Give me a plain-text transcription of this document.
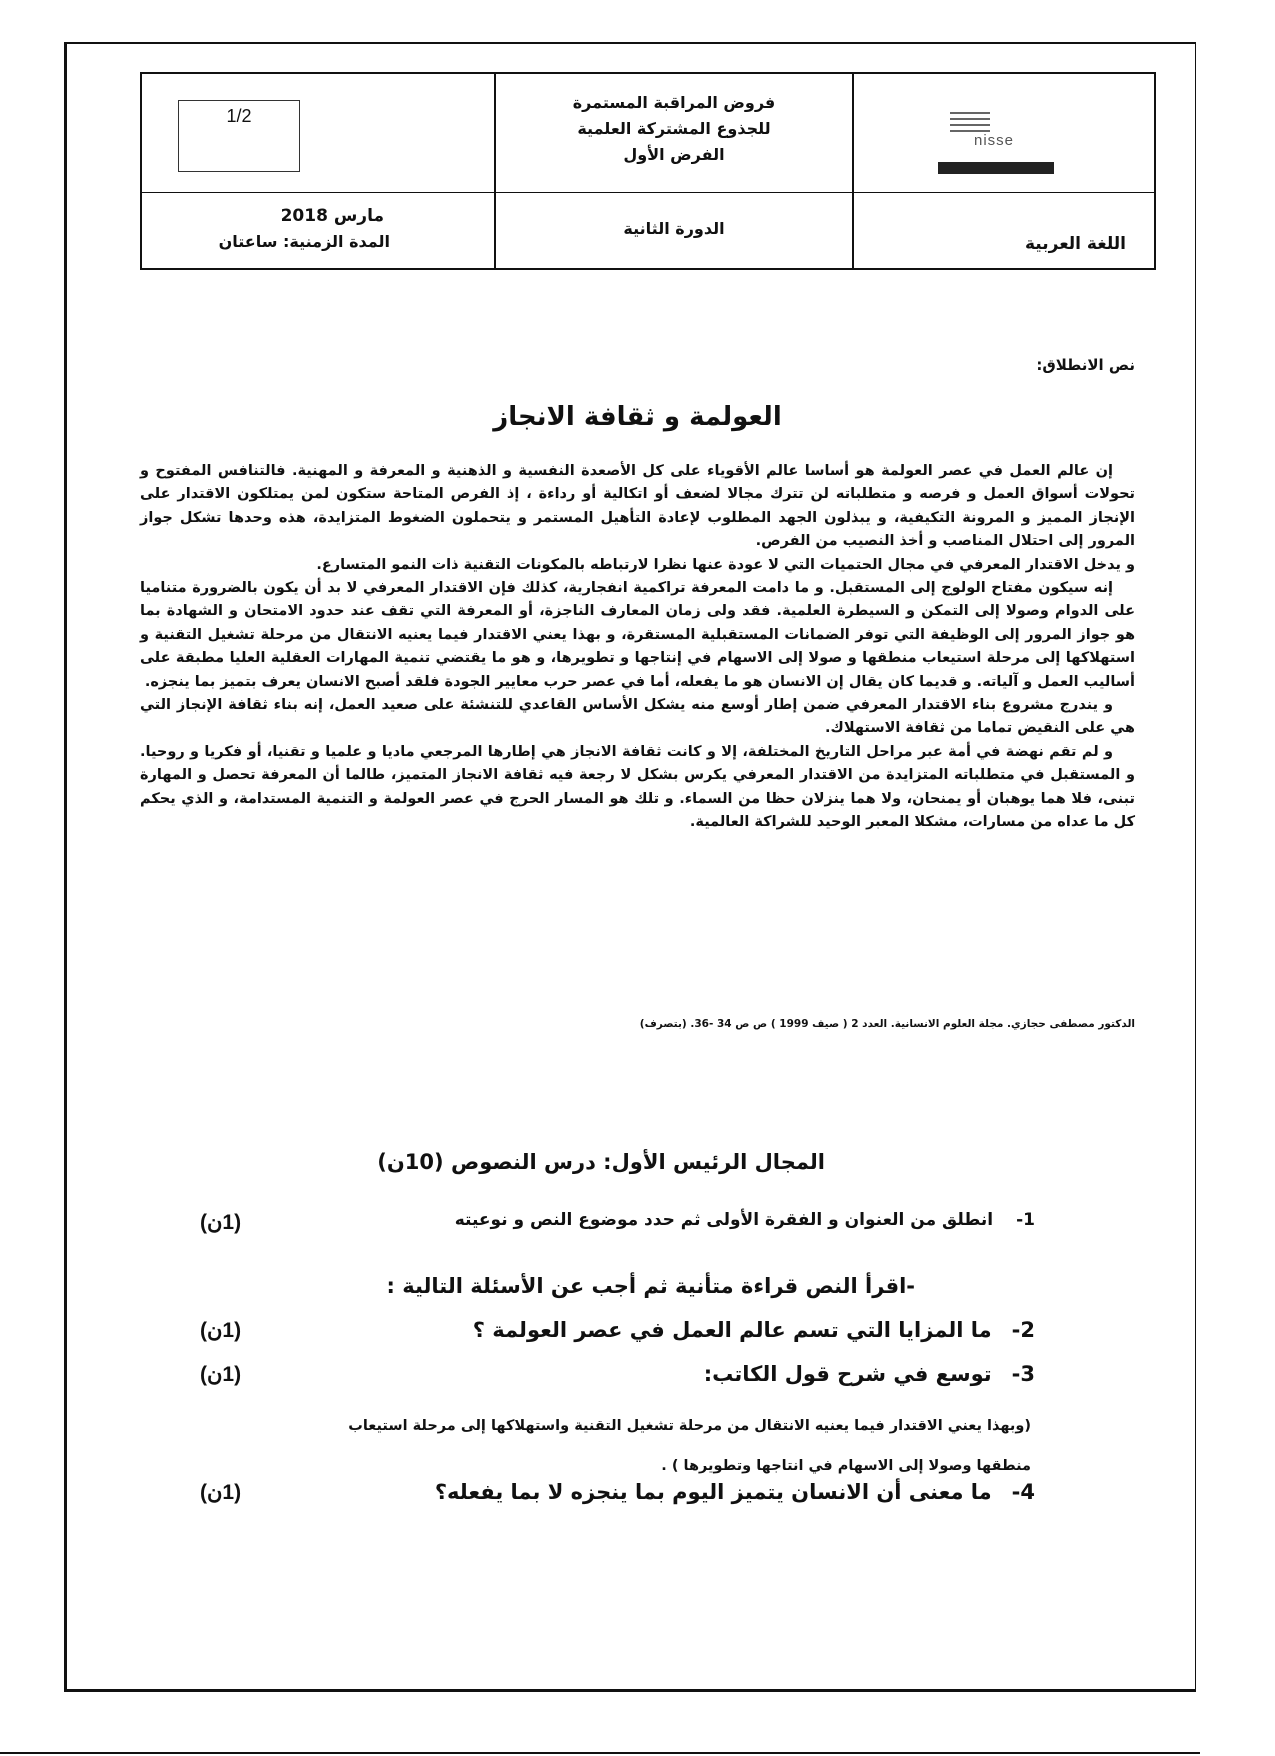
nisse
اللغة العربية
فروض المراقبة المستمرة
للجذوع المشتركة العلمية
الفرض الأول
الدورة الثانية
1/2
مارس 2018
المدة الزمنية: ساعتان
نص الانطلاق:
العولمة و ثقافة الانجاز

إن عالم العمل في عصر العولمة هو أساسا عالم الأقوياء على كل الأصعدة النفسية و الذهنية و المعرفة و المهنية. فالتنافس المفتوح و تحولات أسواق العمل و فرصه و متطلباته لن تترك مجالا لضعف أو اتكالية أو رداءة ، إذ الفرص المتاحة ستكون لمن يمتلكون الاقتدار على الإنجاز المميز و المرونة التكيفية، و يبذلون الجهد المطلوب لإعادة التأهيل المستمر و يتحملون الضغوط المتزايدة، هذه وحدها تشكل جواز المرور إلى احتلال المناصب و أخذ النصيب من الفرص.

و يدخل الاقتدار المعرفي في مجال الحتميات التي لا عودة عنها نظرا لارتباطه بالمكونات التقنية ذات النمو المتسارع.

إنه سيكون مفتاح الولوج إلى المستقبل. و ما دامت المعرفة تراكمية انفجارية، كذلك فإن الاقتدار المعرفي لا بد أن يكون بالضرورة متناميا على الدوام وصولا إلى التمكن و السيطرة العلمية. فقد ولى زمان المعارف الناجزة، أو المعرفة التي تقف عند حدود الامتحان و الشهادة بما هو جواز المرور إلى الوظيفة التي توفر الضمانات المستقبلية المستقرة، و بهذا يعني الاقتدار فيما يعنيه الانتقال من مرحلة تشغيل التقنية و استهلاكها إلى مرحلة استيعاب منطقها و صولا إلى الاسهام في إنتاجها و تطويرها، و هو ما يقتضي تنمية المهارات العقلية العليا مطبقة على أساليب العمل و آلياته. و قديما كان يقال إن الانسان هو ما يفعله، أما في عصر حرب معايير الجودة فلقد أصبح الانسان يعرف بتميز بما ينجزه.

و يندرج مشروع بناء الاقتدار المعرفي ضمن إطار أوسع منه يشكل الأساس القاعدي للتنشئة على صعيد العمل، إنه بناء ثقافة الإنجاز التي هي على النقيض تماما من ثقافة الاستهلاك.

و لم تقم نهضة في أمة عبر مراحل التاريخ المختلفة، إلا و كانت ثقافة الانجاز هي إطارها المرجعي ماديا و علميا و تقنيا، أو فكريا و روحيا. و المستقبل في متطلباته المتزايدة من الاقتدار المعرفي يكرس بشكل لا رجعة فيه ثقافة الانجاز المتميز، طالما أن المعرفة تحصل و المهارة تبنى، فلا هما يوهبان أو يمنحان، ولا هما ينزلان حظا من السماء. و تلك هو المسار الحرج في عصر العولمة و التنمية المستدامة، و الذي يحكم كل ما عداه من مسارات، مشكلا المعبر الوحيد للشراكة العالمية.

الدكتور مصطفى حجازي. مجلة العلوم الانسانية. العدد 2 ( صيف 1999 ) ص ص 34 -36. (بتصرف)
المجال الرئيس الأول: درس النصوص (10ن)
1- انطلق من العنوان و الفقرة الأولى ثم حدد موضوع النص و نوعيته
(1ن)
-اقرأ النص قراءة متأنية ثم أجب عن الأسئلة التالية :
2- ما المزايا التي تسم عالم العمل في عصر العولمة ؟
(1ن)
3- توسع في شرح قول الكاتب:
(1ن)
(وبهذا يعني الاقتدار فيما يعنيه الانتقال من مرحلة تشغيل التقنية واستهلاكها إلى مرحلة استيعاب
منطقها وصولا إلى الاسهام في انتاجها وتطويرها ) .
4- ما معنى أن الانسان يتميز اليوم بما ينجزه لا بما يفعله؟
(1ن)
